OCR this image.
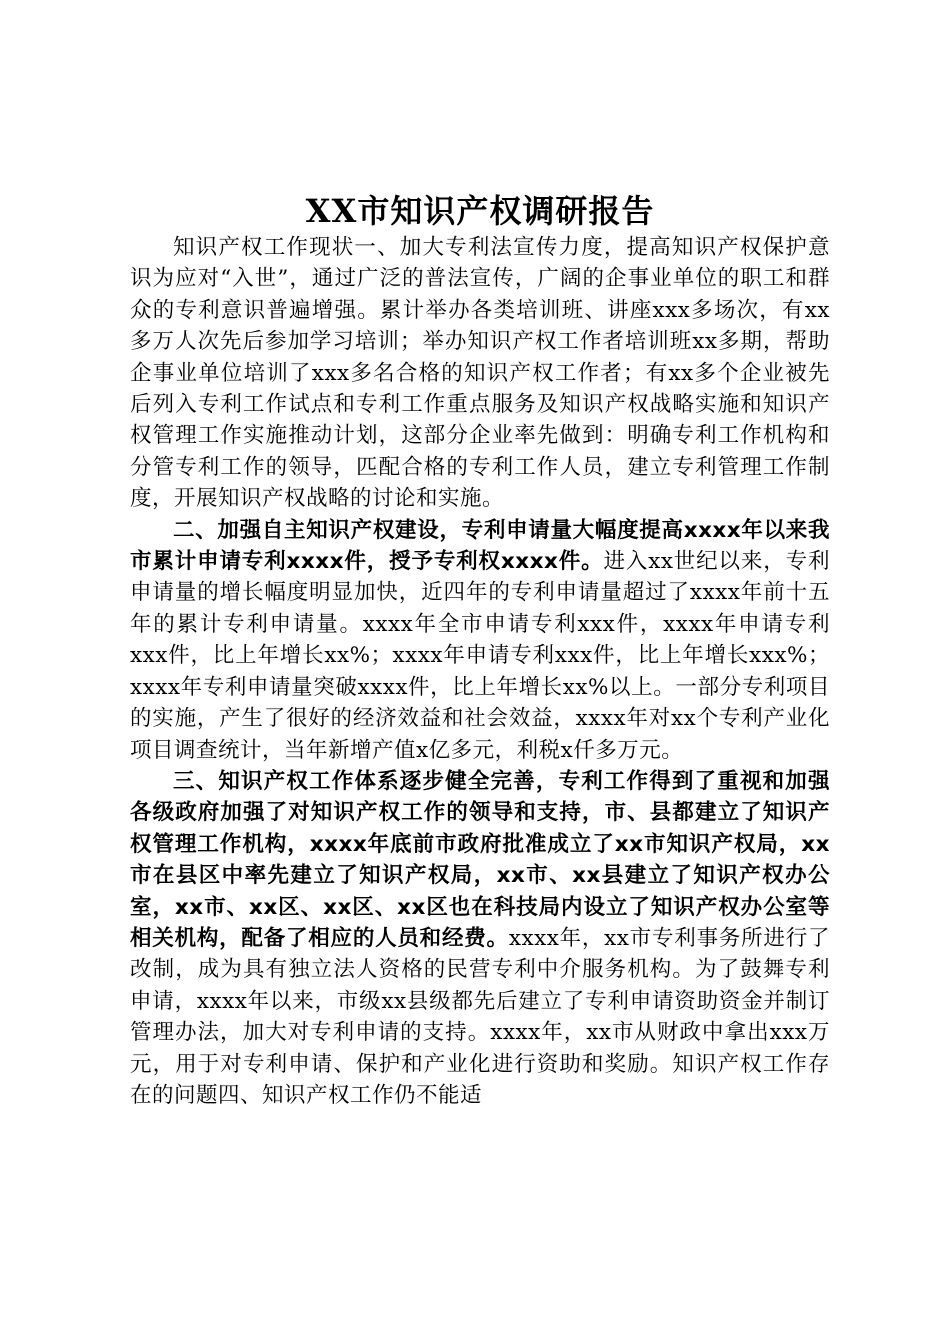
XX市知识产权调研报告

知识产权工作现状一、加大专利法宣传力度，提高知识产权保护意识为应对“入世”，通过广泛的普法宣传，广阔的企事业单位的职工和群众的专利意识普遍增强。累计举办各类培训班、讲座xxx多场次，有xx多万人次先后参加学习培训；举办知识产权工作者培训班xx多期，帮助企事业单位培训了xxx多名合格的知识产权工作者；有xx多个企业被先后列入专利工作试点和专利工作重点服务及知识产权战略实施和知识产权管理工作实施推动计划，这部分企业率先做到：明确专利工作机构和分管专利工作的领导，匹配合格的专利工作人员，建立专利管理工作制度，开展知识产权战略的讨论和实施。

二、加强自主知识产权建设，专利申请量大幅度提高xxxx年以来我市累计申请专利xxxx件，授予专利权xxxx件。进入xx世纪以来，专利申请量的增长幅度明显加快，近四年的专利申请量超过了xxxx年前十五年的累计专利申请量。xxxx年全市申请专利xxx件，xxxx年申请专利xxx件，比上年增长xx%；xxxx年申请专利xxx件，比上年增长xxx%；xxxx年专利申请量突破xxxx件，比上年增长xx%以上。一部分专利项目的实施，产生了很好的经济效益和社会效益，xxxx年对xx个专利产业化项目调查统计，当年新增产值x亿多元，利税x仟多万元。

三、知识产权工作体系逐步健全完善，专利工作得到了重视和加强各级政府加强了对知识产权工作的领导和支持，市、县都建立了知识产权管理工作机构，xxxx年底前市政府批准成立了xx市知识产权局，xx市在县区中率先建立了知识产权局，xx市、xx县建立了知识产权办公室，xx市、xx区、xx区、xx区也在科技局内设立了知识产权办公室等相关机构，配备了相应的人员和经费。xxxx年，xx市专利事务所进行了改制，成为具有独立法人资格的民营专利中介服务机构。为了鼓舞专利申请，xxxx年以来，市级xx县级都先后建立了专利申请资助资金并制订管理办法，加大对专利申请的支持。xxxx年，xx市从财政中拿出xxx万元，用于对专利申请、保护和产业化进行资助和奖励。知识产权工作存在的问题四、知识产权工作仍不能适
